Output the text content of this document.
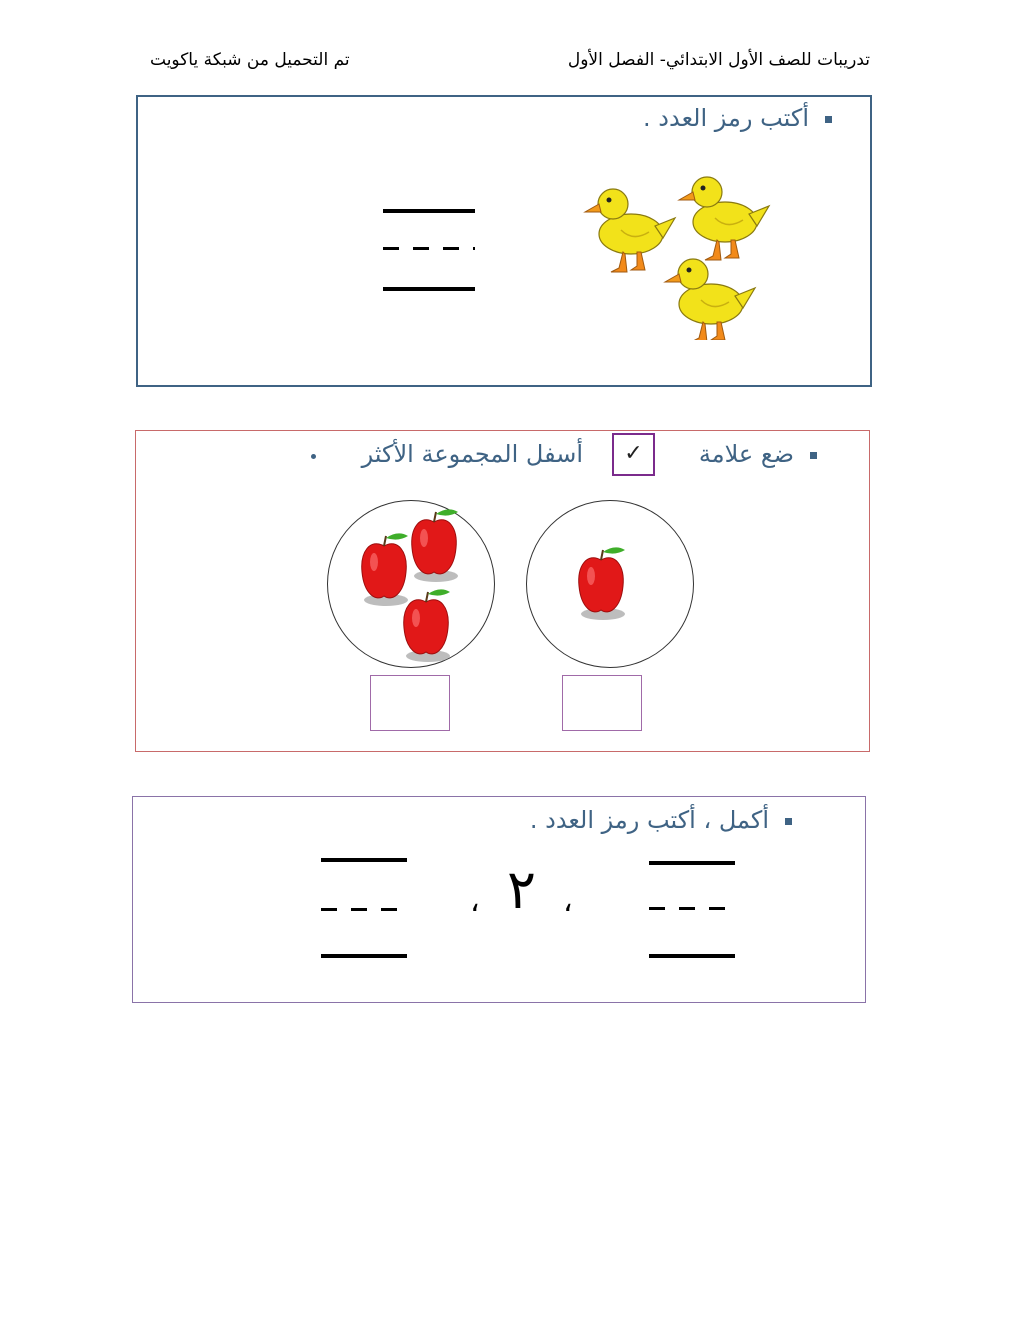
تدريبات للصف الأول الابتدائي- الفصل الأول
تم التحميل من شبكة ياكويت
أكتب رمز العدد .
ضع علامة
✓
أسفل المجموعة الأكثر
أكمل ، أكتب رمز العدد .
،
٢
،
